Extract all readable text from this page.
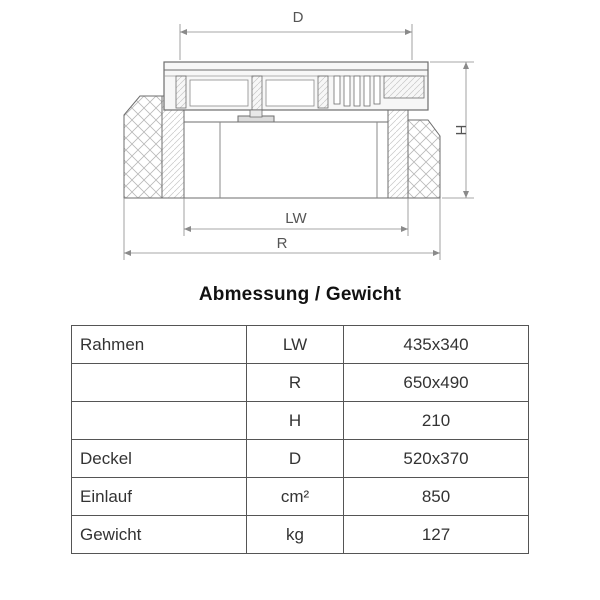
D
H
LW
R
Abmessung / Gewicht
Rahmen	LW	435x340
	R	650x490
	H	210
Deckel	D	520x370
Einlauf	cm²	850
Gewicht	kg	127
